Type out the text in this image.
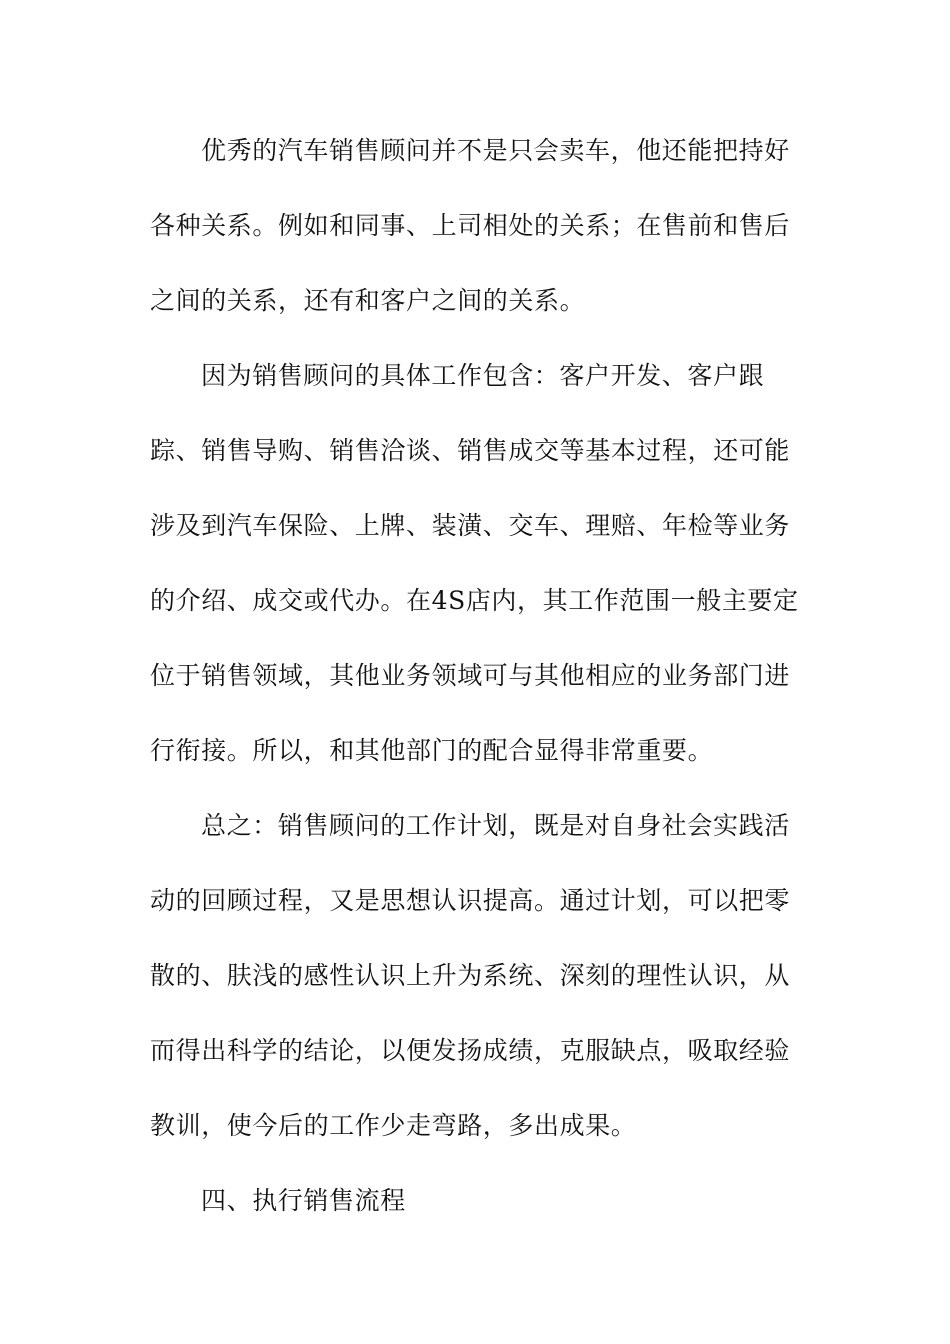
优秀的汽车销售顾问并不是只会卖车，他还能把持好
各种关系。例如和同事、上司相处的关系；在售前和售后
之间的关系，还有和客户之间的关系。
因为销售顾问的具体工作包含：客户开发、客户跟
踪、销售导购、销售洽谈、销售成交等基本过程，还可能
涉及到汽车保险、上牌、装潢、交车、理赔、年检等业务
的介绍、成交或代办。在4S店内，其工作范围一般主要定
位于销售领域，其他业务领域可与其他相应的业务部门进
行衔接。所以，和其他部门的配合显得非常重要。
总之：销售顾问的工作计划，既是对自身社会实践活
动的回顾过程，又是思想认识提高。通过计划，可以把零
散的、肤浅的感性认识上升为系统、深刻的理性认识，从
而得出科学的结论，以便发扬成绩，克服缺点，吸取经验
教训，使今后的工作少走弯路，多出成果。
四、执行销售流程
